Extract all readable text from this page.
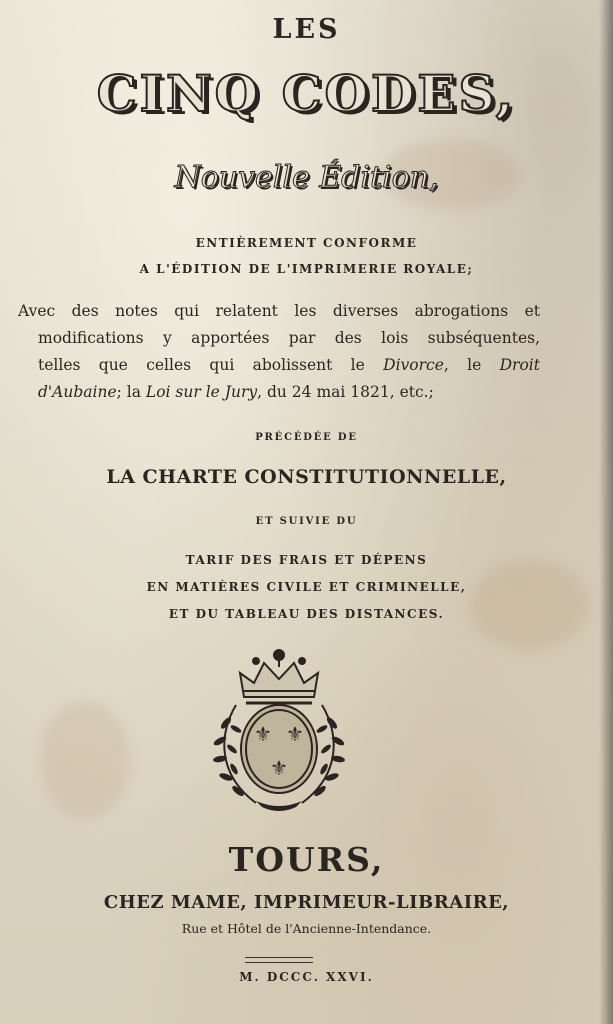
LES
CINQ CODES,
Nouvelle Édition,
ENTIÈREMENT CONFORME
A L'ÉDITION DE L'IMPRIMERIE ROYALE;
Avec des notes qui relatent les diverses abrogations et
modifications y apportées par des lois subséquentes,
telles que celles qui abolissent le Divorce, le Droit
d'Aubaine; la Loi sur le Jury, du 24 mai 1821, etc.;
PRÉCÉDÉE DE
LA CHARTE CONSTITUTIONNELLE,
ET SUIVIE DU
TARIF DES FRAIS ET DÉPENS
EN MATIÈRES CIVILE ET CRIMINELLE,
ET DU TABLEAU DES DISTANCES.
⚜ ⚜
⚜
TOURS,
CHEZ MAME, IMPRIMEUR-LIBRAIRE,
Rue et Hôtel de l'Ancienne-Intendance.
M. DCCC. XXVI.
